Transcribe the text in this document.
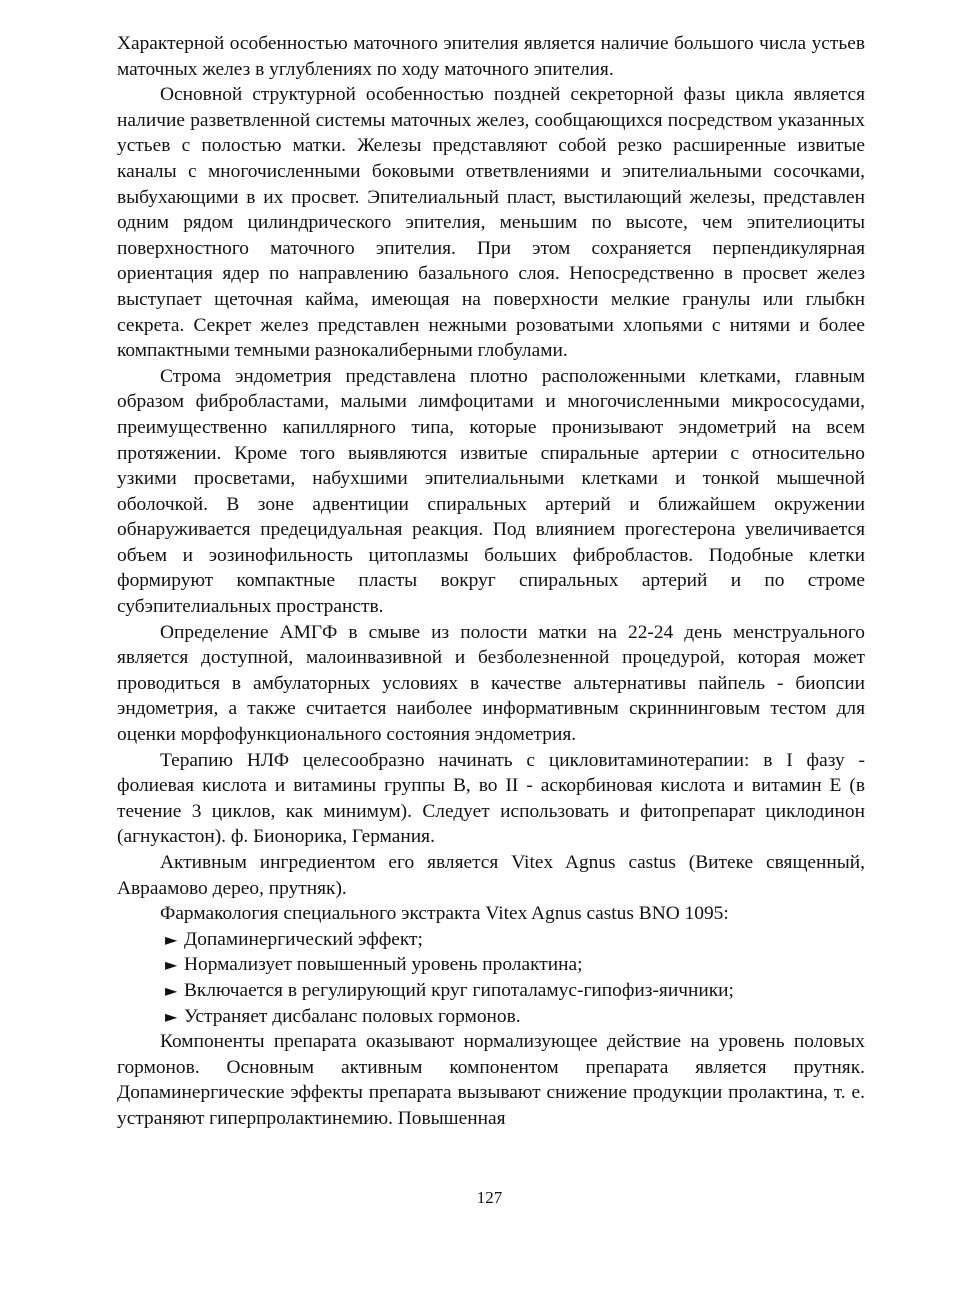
Характерной особенностью маточного эпителия является наличие большого числа устьев маточных желез в углублениях по ходу маточного эпителия.

Основной структурной особенностью поздней секреторной фазы цикла является наличие разветвленной системы маточных желез, сообщающихся посредством указанных устьев с полостью матки. Железы представляют собой резко расширенные извитые каналы с многочисленными боковыми ответвлениями и эпителиальными сосочками, выбухающими в их просвет. Эпителиальный пласт, выстилающий железы, представлен одним рядом цилиндрического эпителия, меньшим по высоте, чем эпителиоциты поверхностного маточного эпителия. При этом сохраняется перпендикулярная ориентация ядер по направлению базального слоя. Непосредственно в просвет желез выступает щеточная кайма, имеющая на поверхности мелкие гранулы или глыбкн секрета. Секрет желез представлен нежными розоватыми хлопьями с нитями и более компактными темными разнокалиберными глобулами.

Строма эндометрия представлена плотно расположенными клетками, главным образом фибробластами, малыми лимфоцитами и многочисленными микрососудами, преимущественно капиллярного типа, которые пронизывают эндометрий на всем протяжении. Кроме того выявляются извитые спиральные артерии с относительно узкими просветами, набухшими эпителиальными клетками и тонкой мышечной оболочкой. В зоне адвентиции спиральных артерий и ближайшем окружении обнаруживается предецидуальная реакция. Под влиянием прогестерона увеличивается объем и эозинофильность цитоплазмы больших фибробластов. Подобные клетки формируют компактные пласты вокруг спиральных артерий и по строме субэпителиальных пространств.

Определение АМГФ в смыве из полости матки на 22-24 день менструального является доступной, малоинвазивной и безболезненной процедурой, которая может проводиться в амбулаторных условиях в качестве альтернативы пайпель - биопсии эндометрия, а также считается наиболее информативным скриннинговым тестом для оценки морфофункционального состояния эндометрия.

Терапию НЛФ целесообразно начинать с цикловитаминотерапии: в I фазу - фолиевая кислота и витамины группы В, во II - аскорбиновая кислота и витамин Е (в течение 3 циклов, как минимум). Следует использовать и фитопрепарат циклодинон (агнукастон). ф. Бионорика, Германия.

Активным ингредиентом его является Vitex Agnus castus (Витеке священный, Авраамово дерео, прутняк).

Фармакология специального экстракта Vitex Agnus castus BNO 1095:

► Допаминергический эффект;
► Нормализует повышенный уровень пролактина;
► Включается в регулирующий круг гипоталамус-гипофиз-яичники;
► Устраняет дисбаланс половых гормонов.

Компоненты препарата оказывают нормализующее действие на уровень половых гормонов. Основным активным компонентом препарата является прутняк. Допаминергические эффекты препарата вызывают снижение продукции пролактина, т. е. устраняют гиперпролактинемию. Повышенная

127
